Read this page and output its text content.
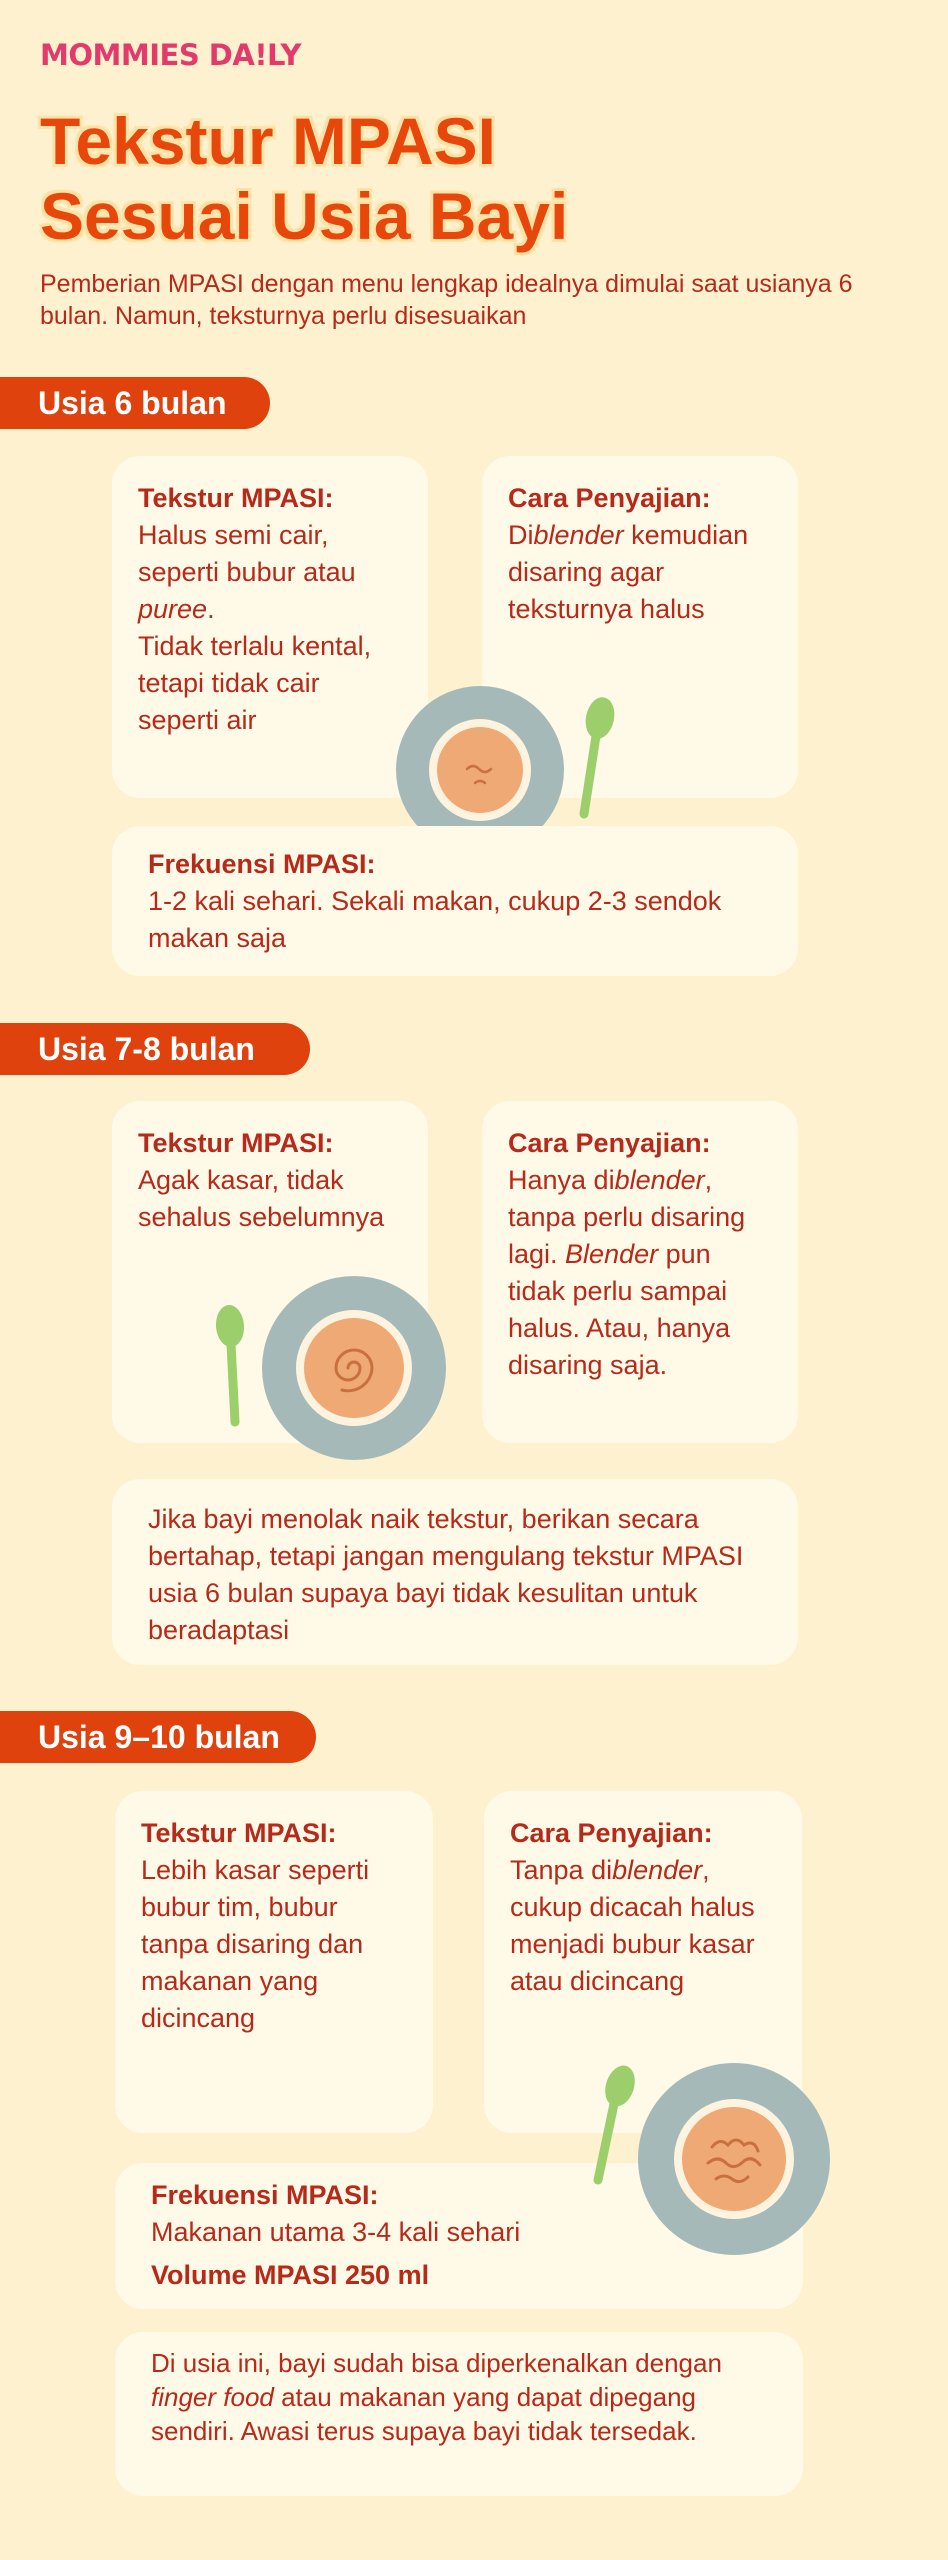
MOMMIES DA!LY
Tekstur MPASI
Sesuai Usia Bayi
Pemberian MPASI dengan menu lengkap idealnya dimulai saat usianya 6 bulan. Namun, teksturnya perlu disesuaikan
Usia 6 bulan
Tekstur MPASI:
Halus semi cair, seperti bubur atau puree.
Tidak terlalu kental, tetapi tidak cair seperti air
Cara Penyajian:
Diblender kemudian disaring agar teksturnya halus
Frekuensi MPASI:
1-2 kali sehari. Sekali makan, cukup 2-3 sendok makan saja
Usia 7-8 bulan
Tekstur MPASI:
Agak kasar, tidak sehalus sebelumnya
Cara Penyajian:
Hanya diblender, tanpa perlu disaring lagi. Blender pun tidak perlu sampai halus. Atau, hanya disaring saja.
Jika bayi menolak naik tekstur, berikan secara bertahap, tetapi jangan mengulang tekstur MPASI usia 6 bulan supaya bayi tidak kesulitan untuk beradaptasi
Usia 9–10 bulan
Tekstur MPASI:
Lebih kasar seperti bubur tim, bubur tanpa disaring dan makanan yang dicincang
Cara Penyajian:
Tanpa diblender, cukup dicacah halus menjadi bubur kasar atau dicincang
Frekuensi MPASI:
Makanan utama 3-4 kali sehari
Volume MPASI 250 ml
Di usia ini, bayi sudah bisa diperkenalkan dengan finger food atau makanan yang dapat dipegang sendiri. Awasi terus supaya bayi tidak tersedak.
